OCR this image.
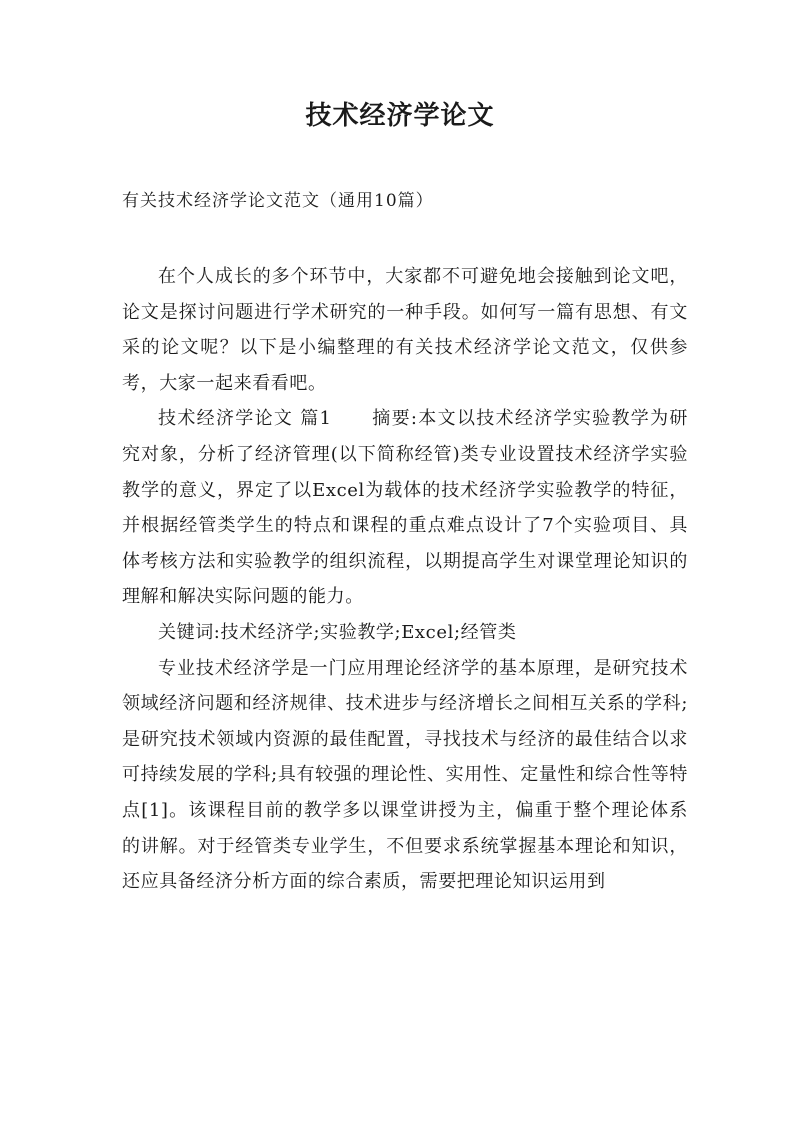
技术经济学论文
有关技术经济学论文范文（通用10篇）

在个人成长的多个环节中，大家都不可避免地会接触到论文吧，论文是探讨问题进行学术研究的一种手段。如何写一篇有思想、有文采的论文呢？以下是小编整理的有关技术经济学论文范文，仅供参考，大家一起来看看吧。

技术经济学论文 篇1 摘要:本文以技术经济学实验教学为研究对象，分析了经济管理(以下简称经管)类专业设置技术经济学实验教学的意义，界定了以Excel为载体的技术经济学实验教学的特征，并根据经管类学生的特点和课程的重点难点设计了7个实验项目、具体考核方法和实验教学的组织流程，以期提高学生对课堂理论知识的理解和解决实际问题的能力。

关键词:技术经济学;实验教学;Excel;经管类

专业技术经济学是一门应用理论经济学的基本原理，是研究技术领域经济问题和经济规律、技术进步与经济增长之间相互关系的学科;是研究技术领域内资源的最佳配置，寻找技术与经济的最佳结合以求可持续发展的学科;具有较强的理论性、实用性、定量性和综合性等特点[1]。该课程目前的教学多以课堂讲授为主，偏重于整个理论体系的讲解。对于经管类专业学生，不但要求系统掌握基本理论和知识，还应具备经济分析方面的综合素质，需要把理论知识运用到
